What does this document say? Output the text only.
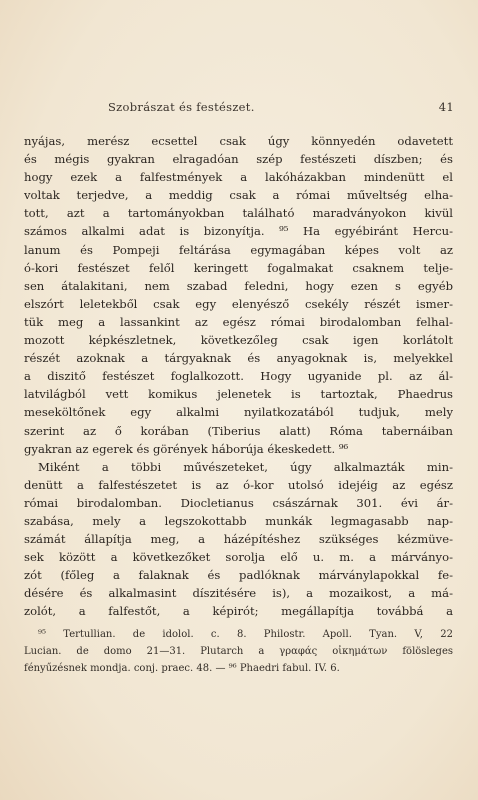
Szobrászat és festészet.	41
nyájas, merész ecsettel csak úgy könnyedén odavetett
és mégis gyakran elragadóan szép festészeti díszben; és
hogy ezek a falfestmények a lakóházakban mindenütt el
voltak terjedve, a meddig csak a római műveltség elha-
tott, azt a tartományokban található maradványokon kivül
számos alkalmi adat is bizonyítja. ⁹⁵ Ha egyébiránt Hercu-
lanum és Pompeji feltárása egymagában képes volt az
ó-kori festészet felől keringett fogalmakat csaknem telje-
sen átalakitani, nem szabad feledni, hogy ezen s egyéb
elszórt leletekből csak egy elenyésző csekély részét ismer-
tük meg a lassankint az egész római birodalomban felhal-
mozott képkészletnek, következőleg csak igen korlátolt
részét azoknak a tárgyaknak és anyagoknak is, melyekkel
a diszitő festészet foglalkozott. Hogy ugyanide pl. az ál-
latvilágból vett komikus jelenetek is tartoztak, Phaedrus
meseköltőnek egy alkalmi nyilatkozatából tudjuk, mely
szerint az ő korában (Tiberius alatt) Róma tabernáiban
gyakran az egerek és görények háborúja ékeskedett. ⁹⁶
Miként a többi művészeteket, úgy alkalmazták min-
denütt a falfestészetet is az ó-kor utolsó idejéig az egész
római birodalomban. Diocletianus császárnak 301. évi ár-
szabása, mely a legszokottabb munkák legmagasabb nap-
számát állapítja meg, a házépítéshez szükséges kézmüve-
sek között a következőket sorolja elő u. m. a márványo-
zót (főleg a falaknak és padlóknak márványlapokkal fe-
désére és alkalmasint díszitésére is), a mozaikost, a má-
zolót, a falfestőt, a képirót; megállapítja továbbá a
⁹⁵ Tertullian. de idolol. c. 8. Philostr. Apoll. Tyan. V, 22
Lucian. de domo 21—31. Plutarch a γραφάς οἰκημάτων fölösleges
fényűzésnek mondja. conj. praec. 48. — ⁹⁶ Phaedri fabul. IV. 6.
